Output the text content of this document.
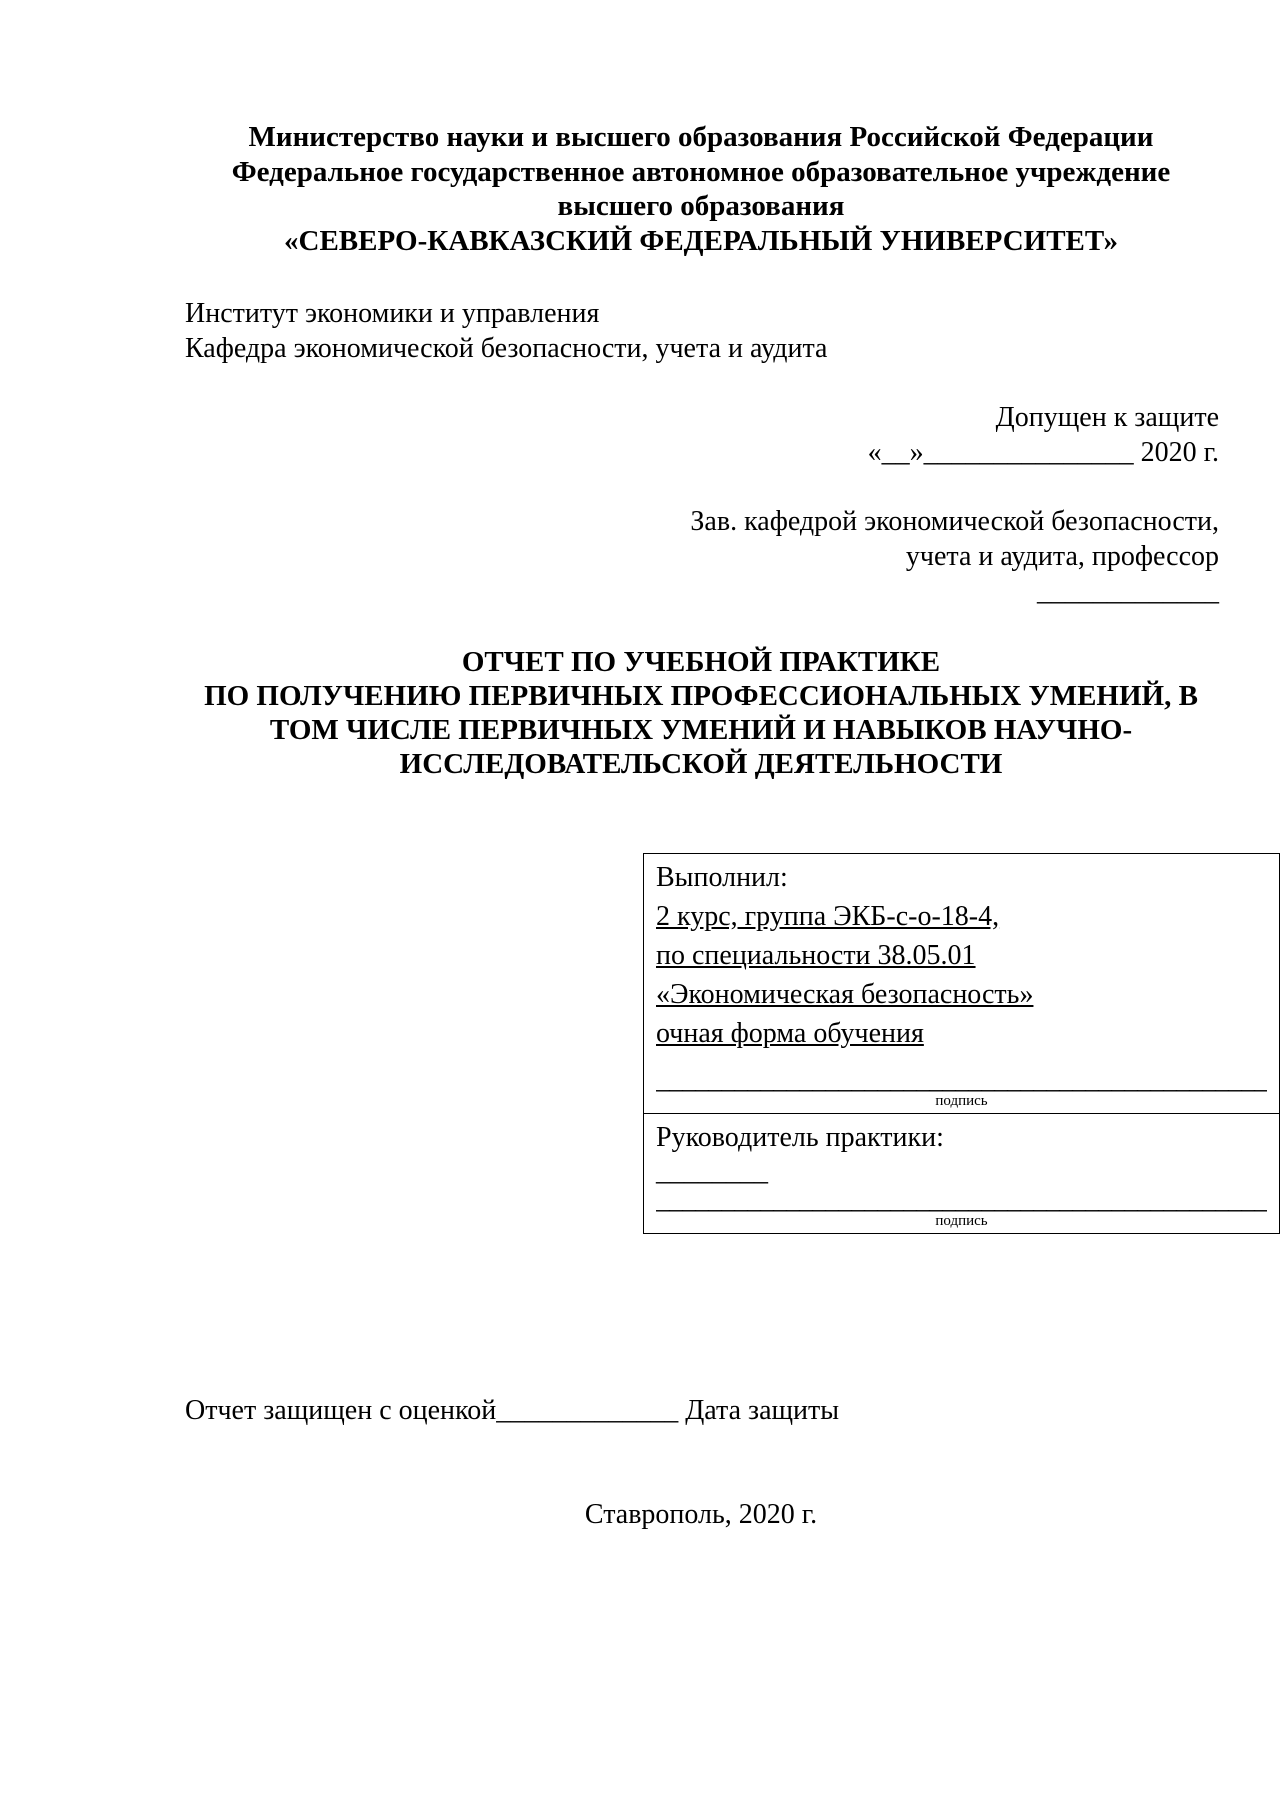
Министерство науки и высшего образования Российской Федерации
Федеральное государственное автономное образовательное учреждение
высшего образования
«СЕВЕРО-КАВКАЗСКИЙ ФЕДЕРАЛЬНЫЙ УНИВЕРСИТЕТ»
Институт экономики и управления
Кафедра экономической безопасности, учета и аудита
Допущен к защите
«__»_______________ 2020 г.
Зав. кафедрой экономической безопасности,
учета и аудита, профессор
_____________
ОТЧЕТ ПО УЧЕБНОЙ ПРАКТИКЕ
ПО ПОЛУЧЕНИЮ ПЕРВИЧНЫХ ПРОФЕССИОНАЛЬНЫХ УМЕНИЙ, В
ТОМ ЧИСЛЕ ПЕРВИЧНЫХ УМЕНИЙ И НАВЫКОВ НАУЧНО-
ИССЛЕДОВАТЕЛЬСКОЙ ДЕЯТЕЛЬНОСТИ
Выполнил:
2 курс, группа ЭКБ-с-о-18-4,
по специальности 38.05.01
«Экономическая безопасность»
очная форма обучения
_______________________________________________
подпись

Руководитель практики:
________
_______________________________________________
подпись
Отчет защищен с оценкой_____________ Дата защиты
Ставрополь, 2020 г.
